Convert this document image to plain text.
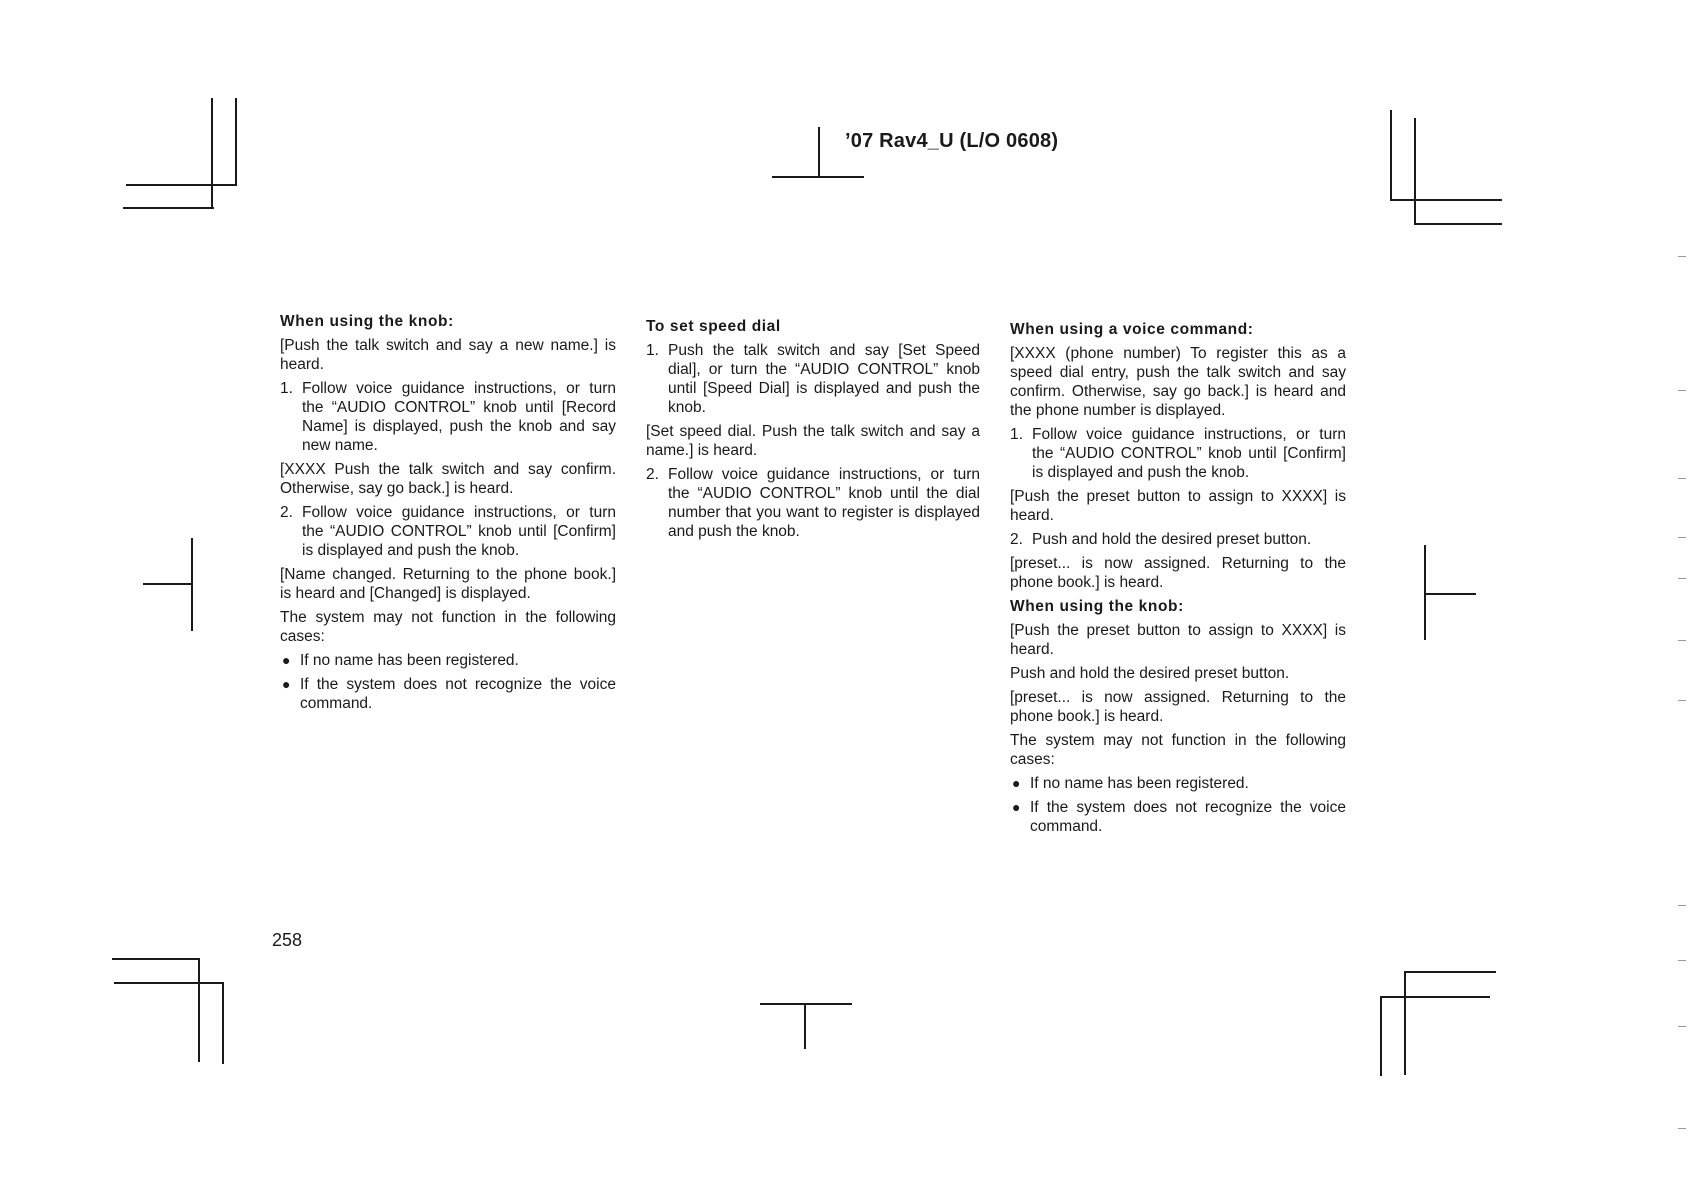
’07 Rav4_U (L/O 0608)
When using the knob:
[Push the talk switch and say a new name.] is heard.
1. Follow voice guidance instructions, or turn the “AUDIO CONTROL” knob until [Record Name] is displayed, push the knob and say new name.
[XXXX Push the talk switch and say confirm. Otherwise, say go back.] is heard.
2. Follow voice guidance instructions, or turn the “AUDIO CONTROL” knob until [Confirm] is displayed and push the knob.
[Name changed. Returning to the phone book.] is heard and [Changed] is displayed.
The system may not function in the following cases:
● If no name has been registered.
● If the system does not recognize the voice command.
To set speed dial
1. Push the talk switch and say [Set Speed dial], or turn the “AUDIO CONTROL” knob until [Speed Dial] is displayed and push the knob.
[Set speed dial. Push the talk switch and say a name.] is heard.
2. Follow voice guidance instructions, or turn the “AUDIO CONTROL” knob until the dial number that you want to register is displayed and push the knob.
When using a voice command:
[XXXX (phone number) To register this as a speed dial entry, push the talk switch and say confirm. Otherwise, say go back.] is heard and the phone number is displayed.
1. Follow voice guidance instructions, or turn the “AUDIO CONTROL” knob until [Confirm] is displayed and push the knob.
[Push the preset button to assign to XXXX] is heard.
2. Push and hold the desired preset button.
[preset... is now assigned. Returning to the phone book.] is heard.
When using the knob:
[Push the preset button to assign to XXXX] is heard.
Push and hold the desired preset button.
[preset... is now assigned. Returning to the phone book.] is heard.
The system may not function in the following cases:
● If no name has been registered.
● If the system does not recognize the voice command.
258
